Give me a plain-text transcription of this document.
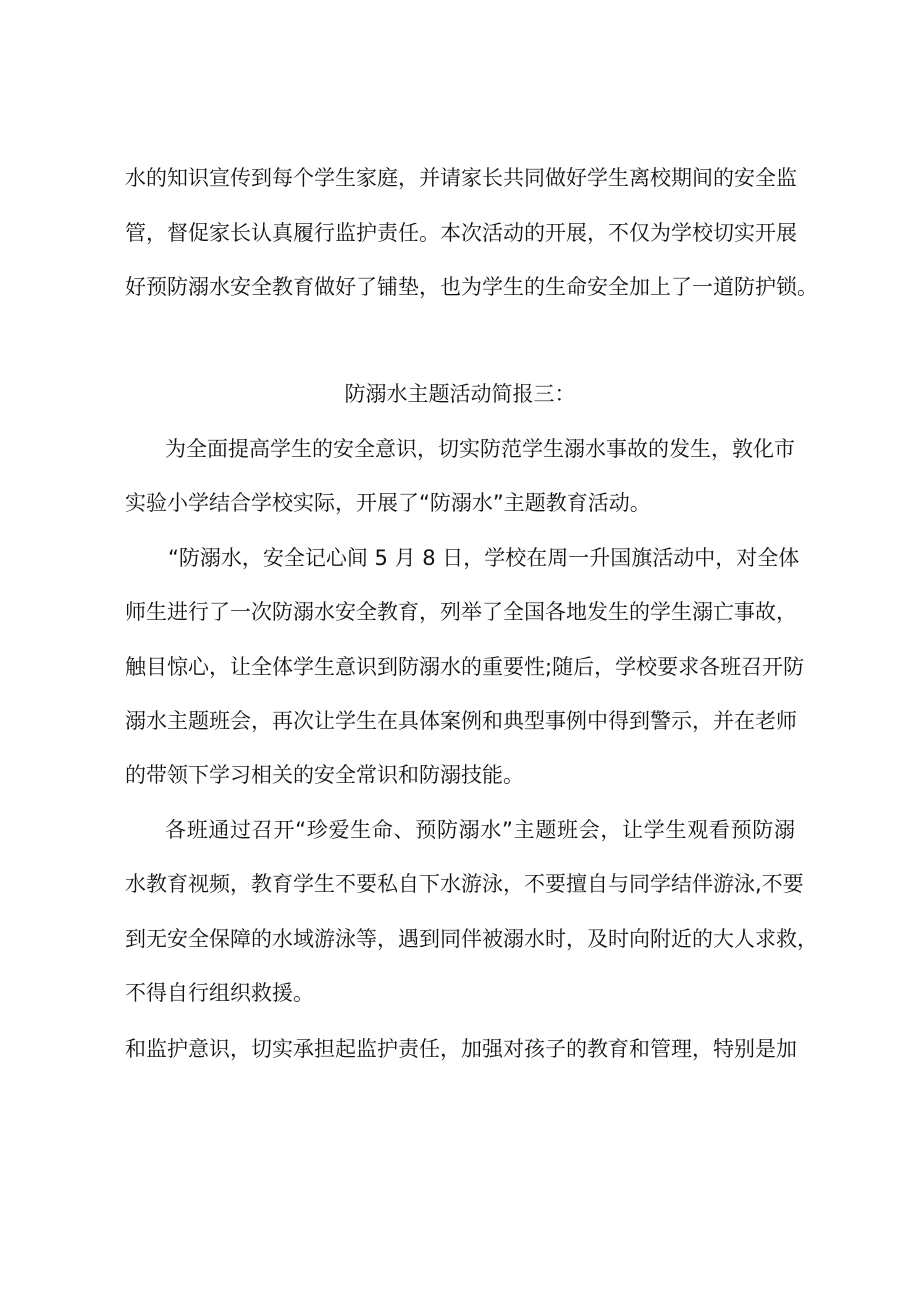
水的知识宣传到每个学生家庭，并请家长共同做好学生离校期间的安全监
管，督促家长认真履行监护责任。本次活动的开展，不仅为学校切实开展
好预防溺水安全教育做好了铺垫，也为学生的生命安全加上了一道防护锁。
防溺水主题活动简报三：
为全面提高学生的安全意识，切实防范学生溺水事故的发生，敦化市
实验小学结合学校实际，开展了“防溺水”主题教育活动。
“防溺水，安全记心间 5 月 8 日，学校在周一升国旗活动中，对全体
师生进行了一次防溺水安全教育，列举了全国各地发生的学生溺亡事故，
触目惊心，让全体学生意识到防溺水的重要性;随后，学校要求各班召开防
溺水主题班会，再次让学生在具体案例和典型事例中得到警示，并在老师
的带领下学习相关的安全常识和防溺技能。
各班通过召开“珍爱生命、预防溺水”主题班会，让学生观看预防溺
水教育视频，教育学生不要私自下水游泳，不要擅自与同学结伴游泳,不要
到无安全保障的水域游泳等，遇到同伴被溺水时，及时向附近的大人求救，
不得自行组织救援。
和监护意识，切实承担起监护责任，加强对孩子的教育和管理，特别是加
